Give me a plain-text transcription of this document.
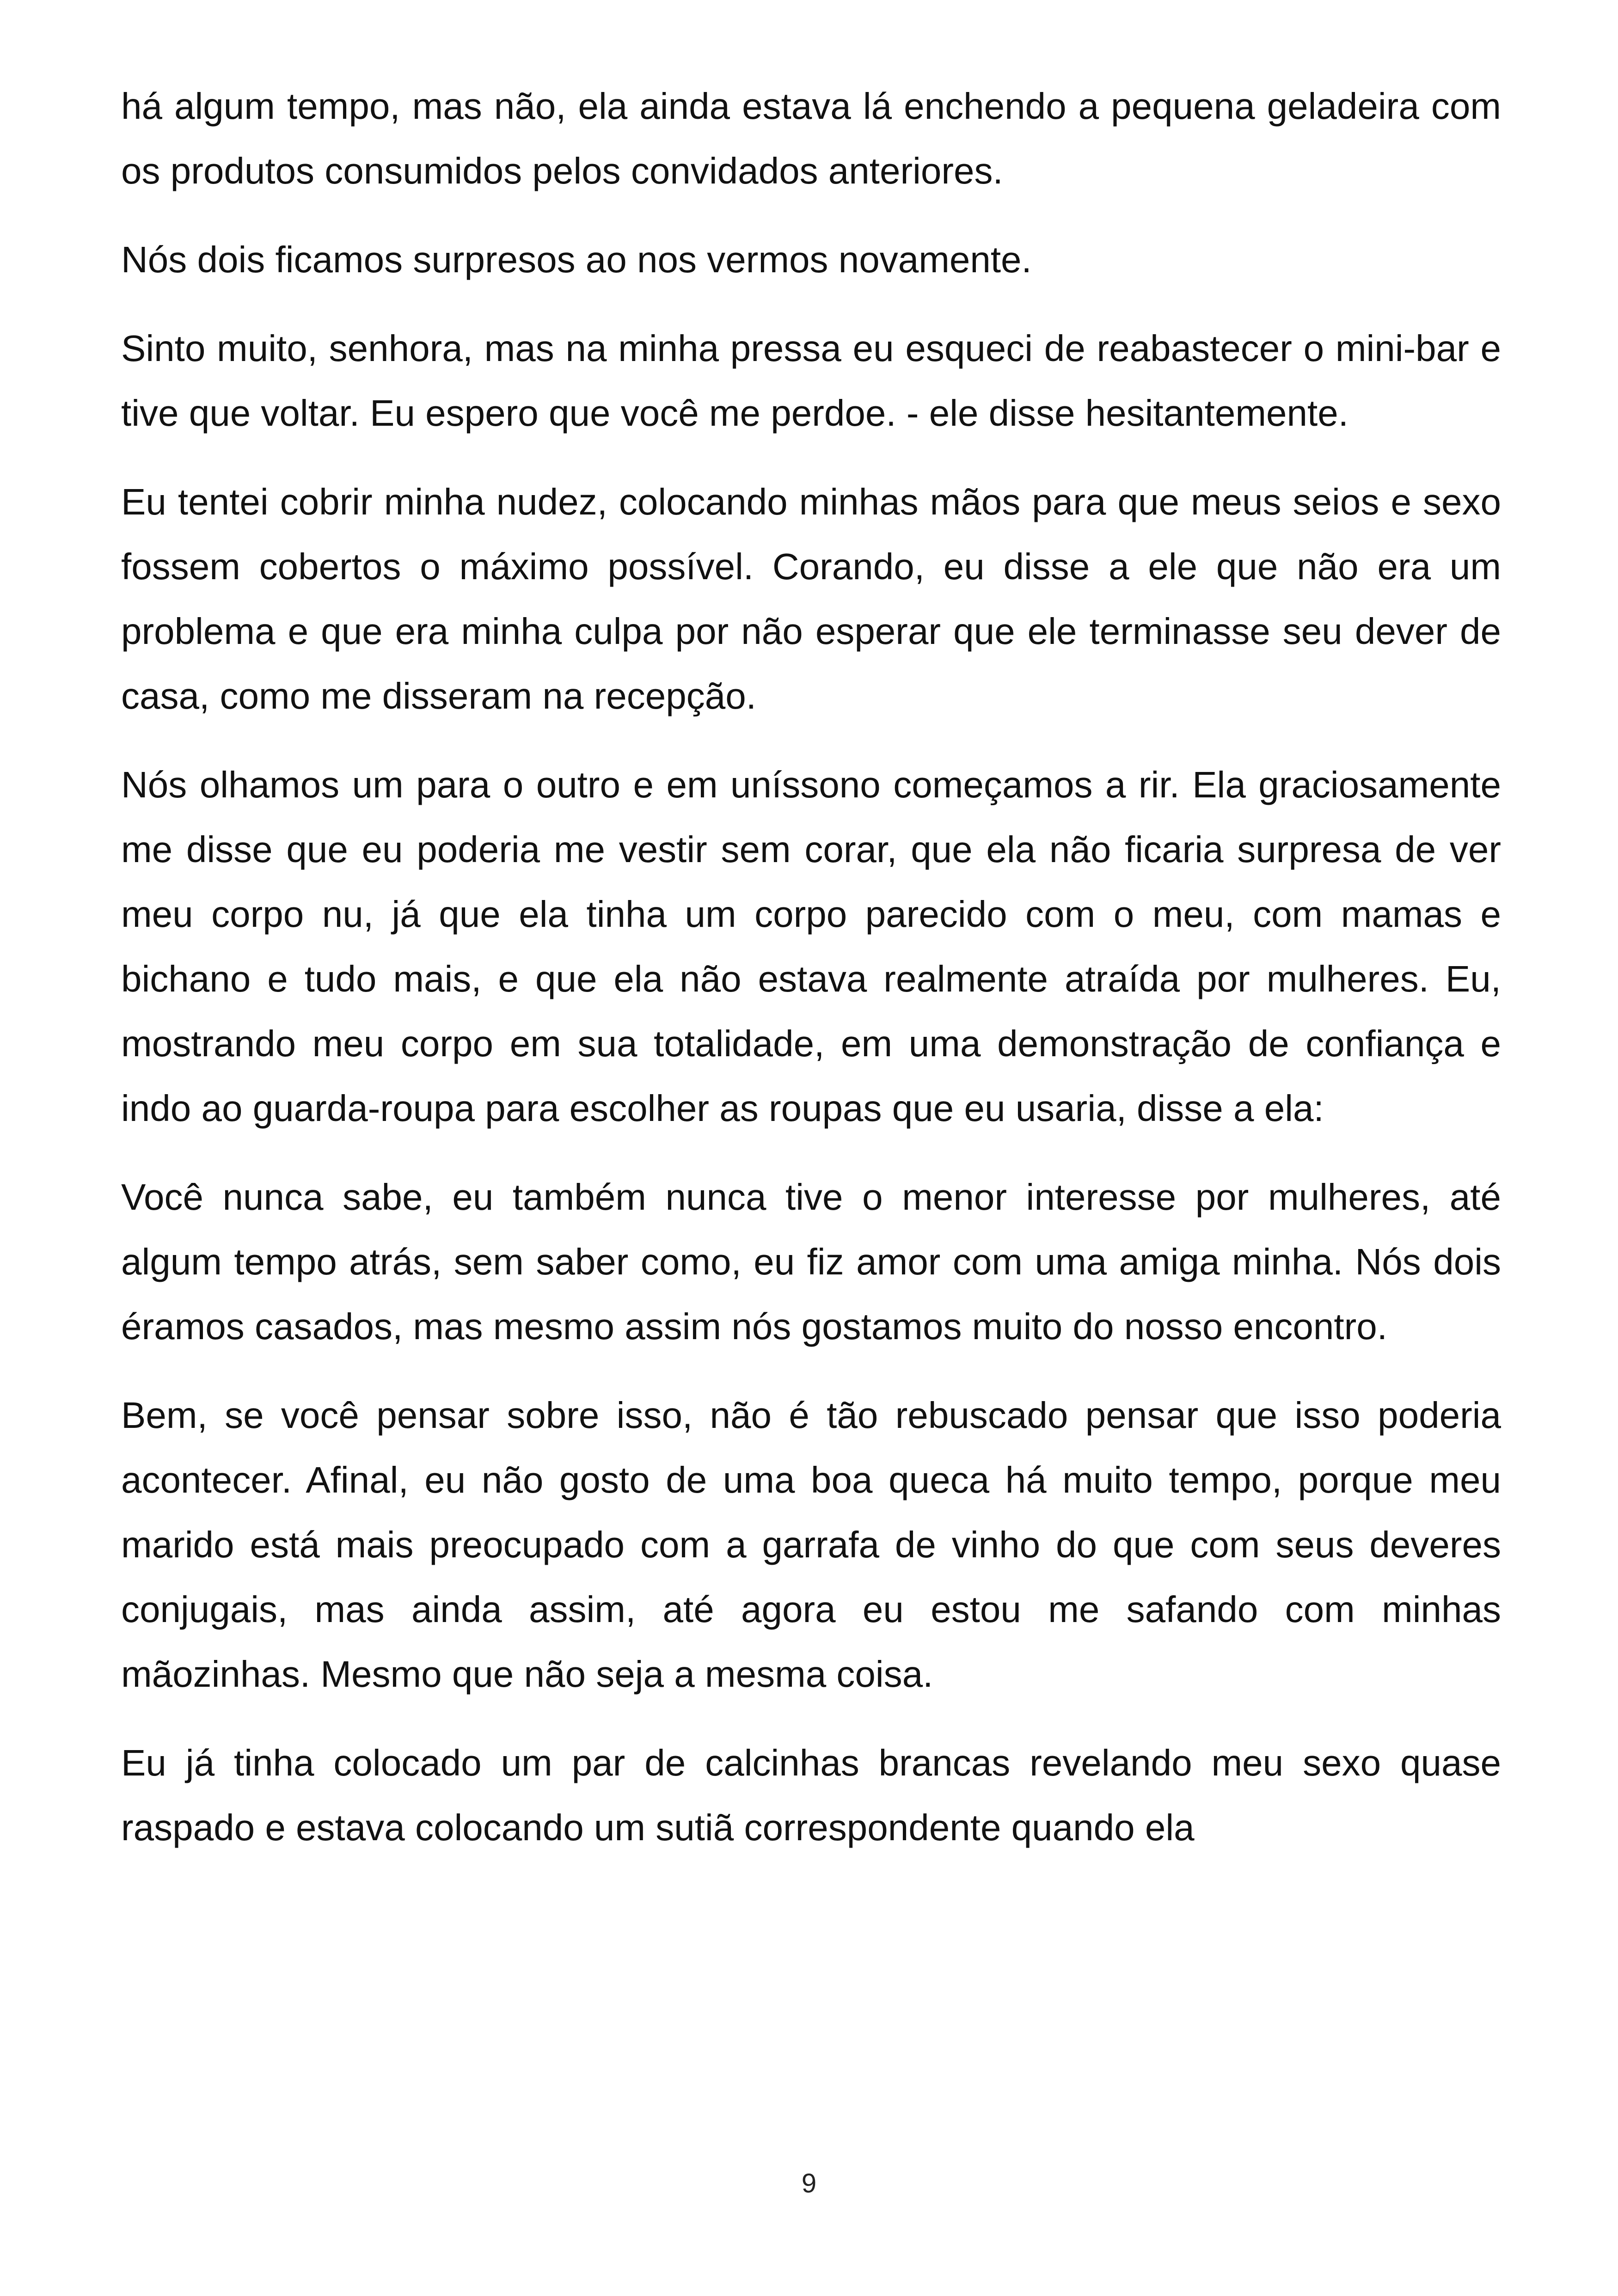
há algum tempo, mas não, ela ainda estava lá enchendo a pequena geladeira com os produtos consumidos pelos convidados anteriores.

Nós dois ficamos surpresos ao nos vermos novamente.

Sinto muito, senhora, mas na minha pressa eu esqueci de reabastecer o mini-bar e tive que voltar. Eu espero que você me perdoe. - ele disse hesitantemente.

Eu tentei cobrir minha nudez, colocando minhas mãos para que meus seios e sexo fossem cobertos o máximo possível. Corando, eu disse a ele que não era um problema e que era minha culpa por não esperar que ele terminasse seu dever de casa, como me disseram na recepção.

Nós olhamos um para o outro e em uníssono começamos a rir. Ela graciosamente me disse que eu poderia me vestir sem corar, que ela não ficaria surpresa de ver meu corpo nu, já que ela tinha um corpo parecido com o meu, com mamas e bichano e tudo mais, e que ela não estava realmente atraída por mulheres. Eu, mostrando meu corpo em sua totalidade, em uma demonstração de confiança e indo ao guarda-roupa para escolher as roupas que eu usaria, disse a ela:

Você nunca sabe, eu também nunca tive o menor interesse por mulheres, até algum tempo atrás, sem saber como, eu fiz amor com uma amiga minha. Nós dois éramos casados, mas mesmo assim nós gostamos muito do nosso encontro.

Bem, se você pensar sobre isso, não é tão rebuscado pensar que isso poderia acontecer. Afinal, eu não gosto de uma boa queca há muito tempo, porque meu marido está mais preocupado com a garrafa de vinho do que com seus deveres conjugais, mas ainda assim, até agora eu estou me safando com minhas mãozinhas. Mesmo que não seja a mesma coisa.

Eu já tinha colocado um par de calcinhas brancas revelando meu sexo quase raspado e estava colocando um sutiã correspondente quando ela

9
